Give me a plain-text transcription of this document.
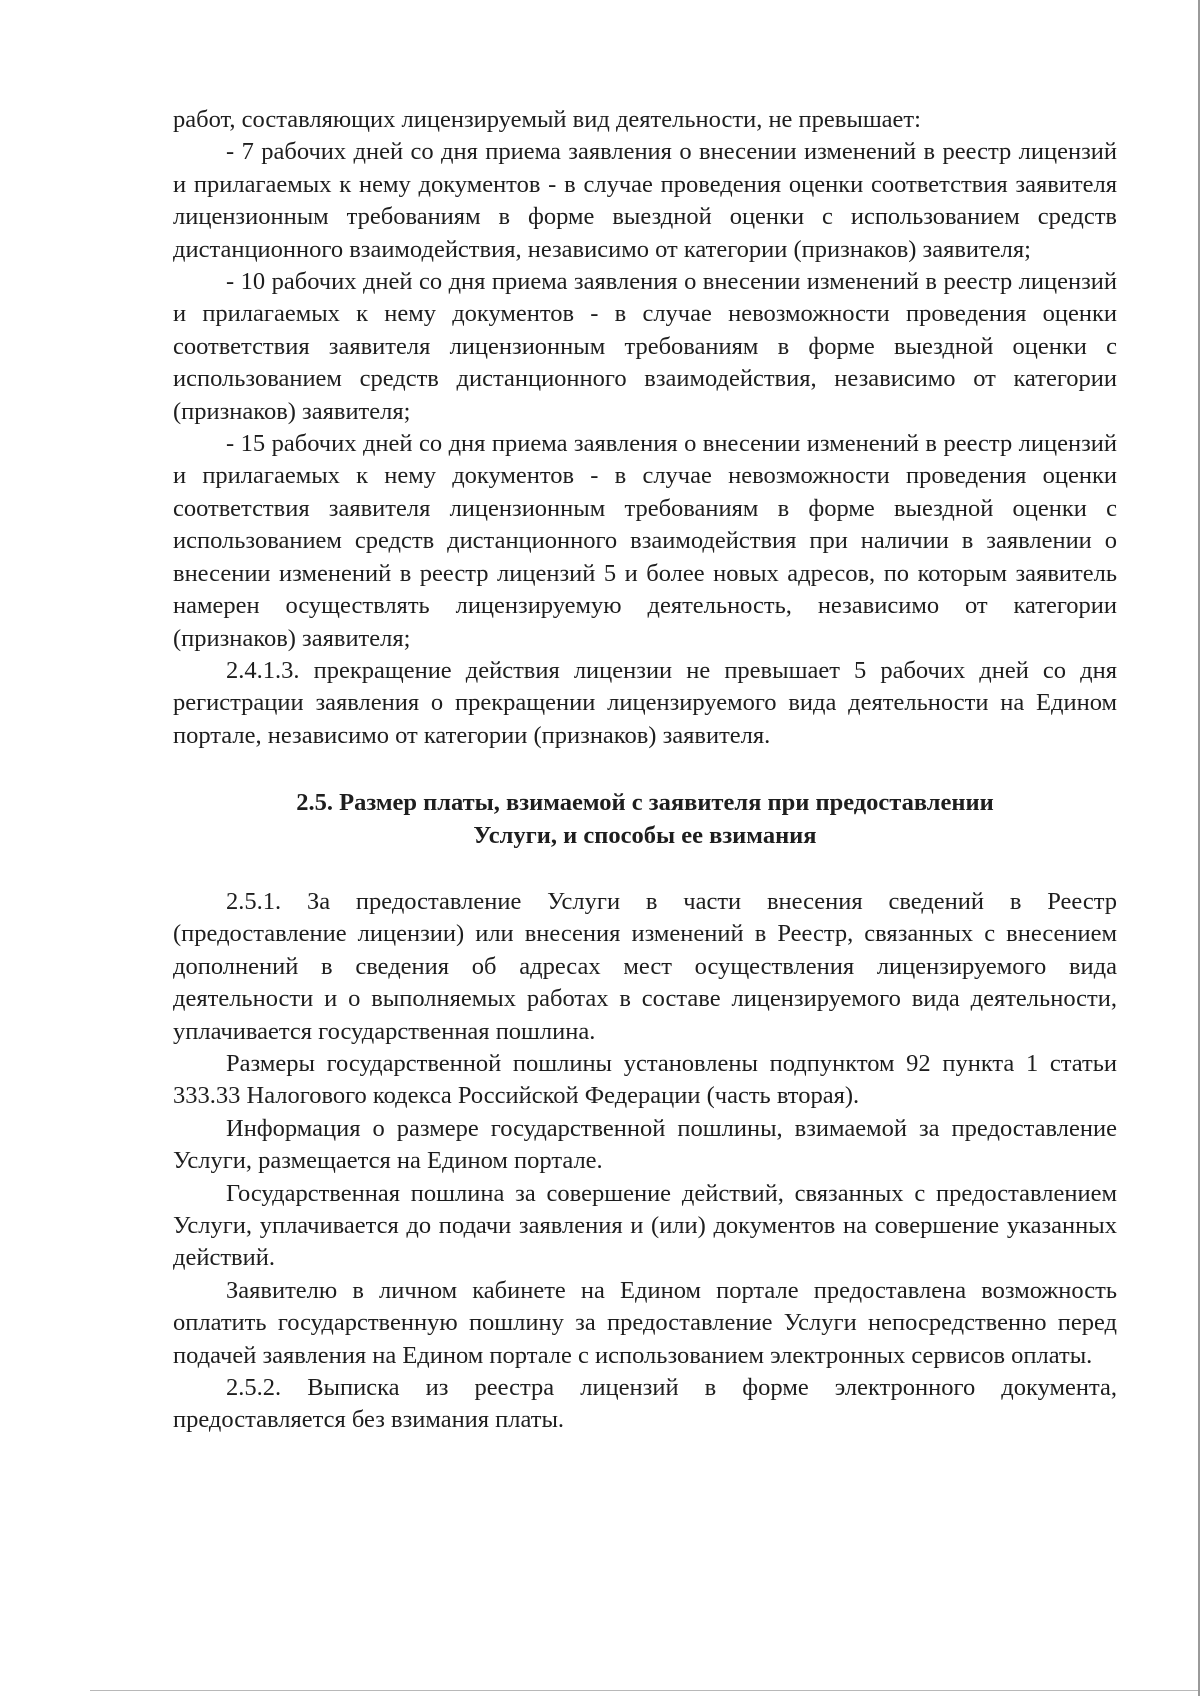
работ, составляющих лицензируемый вид деятельности, не превышает:

- 7 рабочих дней со дня приема заявления о внесении изменений в реестр лицензий и прилагаемых к нему документов - в случае проведения оценки соответствия заявителя лицензионным требованиям в форме выездной оценки с использованием средств дистанционного взаимодействия, независимо от категории (признаков) заявителя;

- 10 рабочих дней со дня приема заявления о внесении изменений в реестр лицензий и прилагаемых к нему документов - в случае невозможности проведения оценки соответствия заявителя лицензионным требованиям в форме выездной оценки с использованием средств дистанционного взаимодействия, независимо от категории (признаков) заявителя;

- 15 рабочих дней со дня приема заявления о внесении изменений в реестр лицензий и прилагаемых к нему документов - в случае невозможности проведения оценки соответствия заявителя лицензионным требованиям в форме выездной оценки с использованием средств дистанционного взаимодействия при наличии в заявлении о внесении изменений в реестр лицензий 5 и более новых адресов, по которым заявитель намерен осуществлять лицензируемую деятельность, независимо от категории (признаков) заявителя;

2.4.1.3. прекращение действия лицензии не превышает 5 рабочих дней со дня регистрации заявления о прекращении лицензируемого вида деятельности на Едином портале, независимо от категории (признаков) заявителя.

2.5. Размер платы, взимаемой с заявителя при предоставлении
Услуги, и способы ее взимания

2.5.1. За предоставление Услуги в части внесения сведений в Реестр (предоставление лицензии) или внесения изменений в Реестр, связанных с внесением дополнений в сведения об адресах мест осуществления лицензируемого вида деятельности и о выполняемых работах в составе лицензируемого вида деятельности, уплачивается государственная пошлина.

Размеры государственной пошлины установлены подпунктом 92 пункта 1 статьи 333.33 Налогового кодекса Российской Федерации (часть вторая).

Информация о размере государственной пошлины, взимаемой за предоставление Услуги, размещается на Едином портале.

Государственная пошлина за совершение действий, связанных с предоставлением Услуги, уплачивается до подачи заявления и (или) документов на совершение указанных действий.

Заявителю в личном кабинете на Едином портале предоставлена возможность оплатить государственную пошлину за предоставление Услуги непосредственно перед подачей заявления на Едином портале с использованием электронных сервисов оплаты.

2.5.2. Выписка из реестра лицензий в форме электронного документа, предоставляется без взимания платы.
